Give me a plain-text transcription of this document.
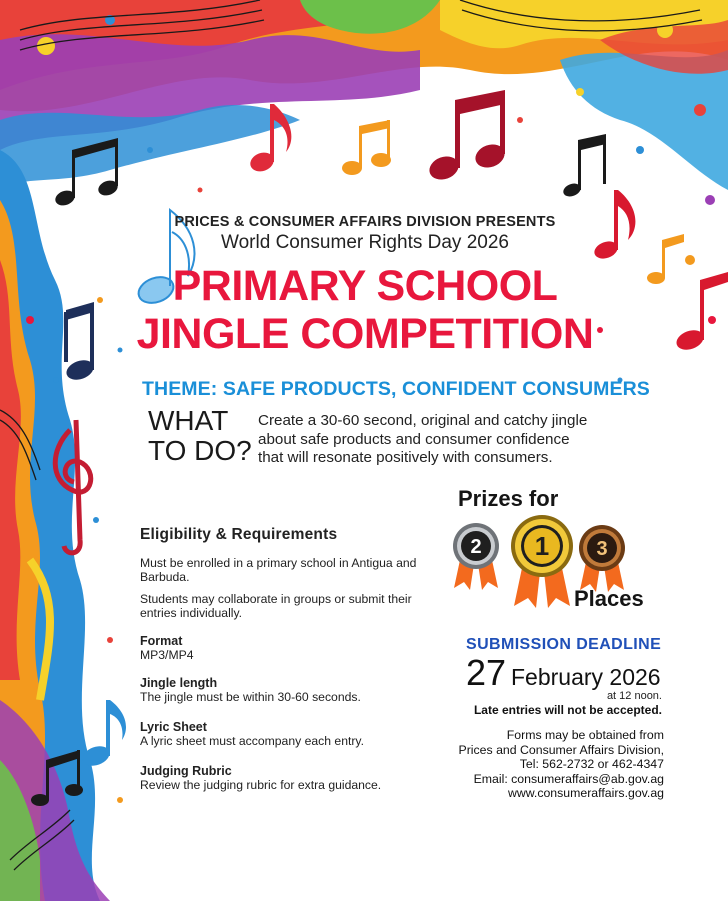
PRICES & CONSUMER AFFAIRS DIVISION PRESENTS
World Consumer Rights Day 2026
PRIMARY SCHOOL
JINGLE COMPETITION
THEME: SAFE PRODUCTS, CONFIDENT CONSUMERS
WHAT
TO DO?
Create a 30-60 second, original and catchy jingle about safe products and consumer confidence that will resonate positively with consumers.
Eligibility & Requirements
Must be enrolled in a primary school in Antigua and Barbuda.
Students may collaborate in groups or submit their entries individually.
Format
MP3/MP4
Jingle length
The jingle must be within 30-60 seconds.
Lyric Sheet
A lyric sheet must accompany each entry.
Judging Rubric
Review the judging rubric for extra guidance.
Prizes for
2	3
1
Places
SUBMISSION DEADLINE
27 February 2026
at 12 noon.
Late entries will not be accepted.
Forms may be obtained from
Prices and Consumer Affairs Division,
Tel: 562-2732 or 462-4347
Email: consumeraffairs@ab.gov.ag
www.consumeraffairs.gov.ag
